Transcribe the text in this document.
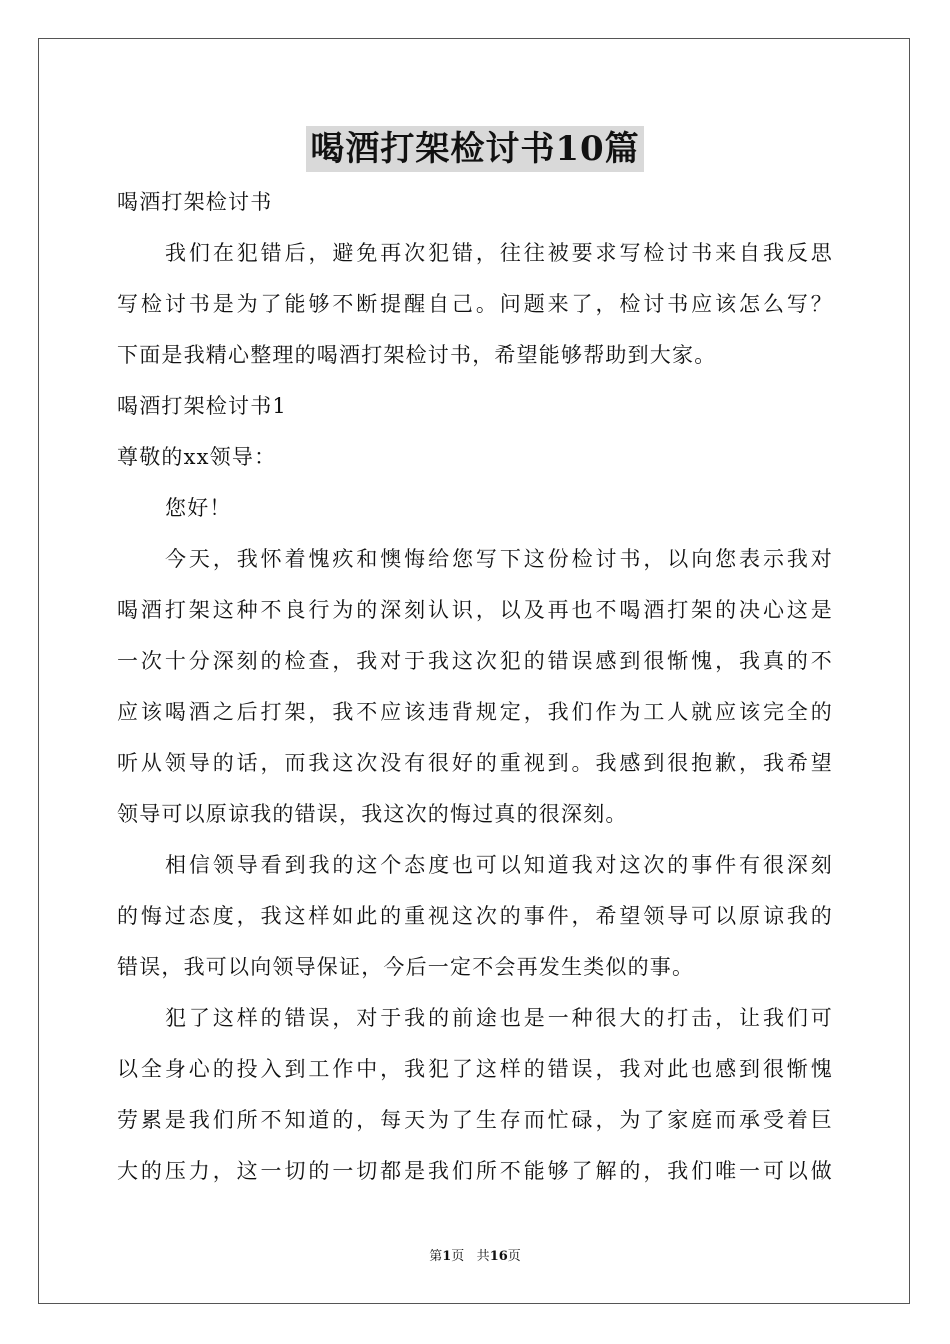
喝酒打架检讨书10篇
喝酒打架检讨书
我们在犯错后，避免再次犯错，往往被要求写检讨书来自我反思
写检讨书是为了能够不断提醒自己。问题来了，检讨书应该怎么写？
下面是我精心整理的喝酒打架检讨书，希望能够帮助到大家。
喝酒打架检讨书1
尊敬的xx领导：
您好！
今天，我怀着愧疚和懊悔给您写下这份检讨书，以向您表示我对
喝酒打架这种不良行为的深刻认识，以及再也不喝酒打架的决心这是
一次十分深刻的检查，我对于我这次犯的错误感到很惭愧，我真的不
应该喝酒之后打架，我不应该违背规定，我们作为工人就应该完全的
听从领导的话，而我这次没有很好的重视到。我感到很抱歉，我希望
领导可以原谅我的错误，我这次的悔过真的很深刻。
相信领导看到我的这个态度也可以知道我对这次的事件有很深刻
的悔过态度，我这样如此的重视这次的事件，希望领导可以原谅我的
错误，我可以向领导保证，今后一定不会再发生类似的事。
犯了这样的错误，对于我的前途也是一种很大的打击，让我们可
以全身心的投入到工作中，我犯了这样的错误，我对此也感到很惭愧
劳累是我们所不知道的，每天为了生存而忙碌，为了家庭而承受着巨
大的压力，这一切的一切都是我们所不能够了解的，我们唯一可以做
第1页 共16页
